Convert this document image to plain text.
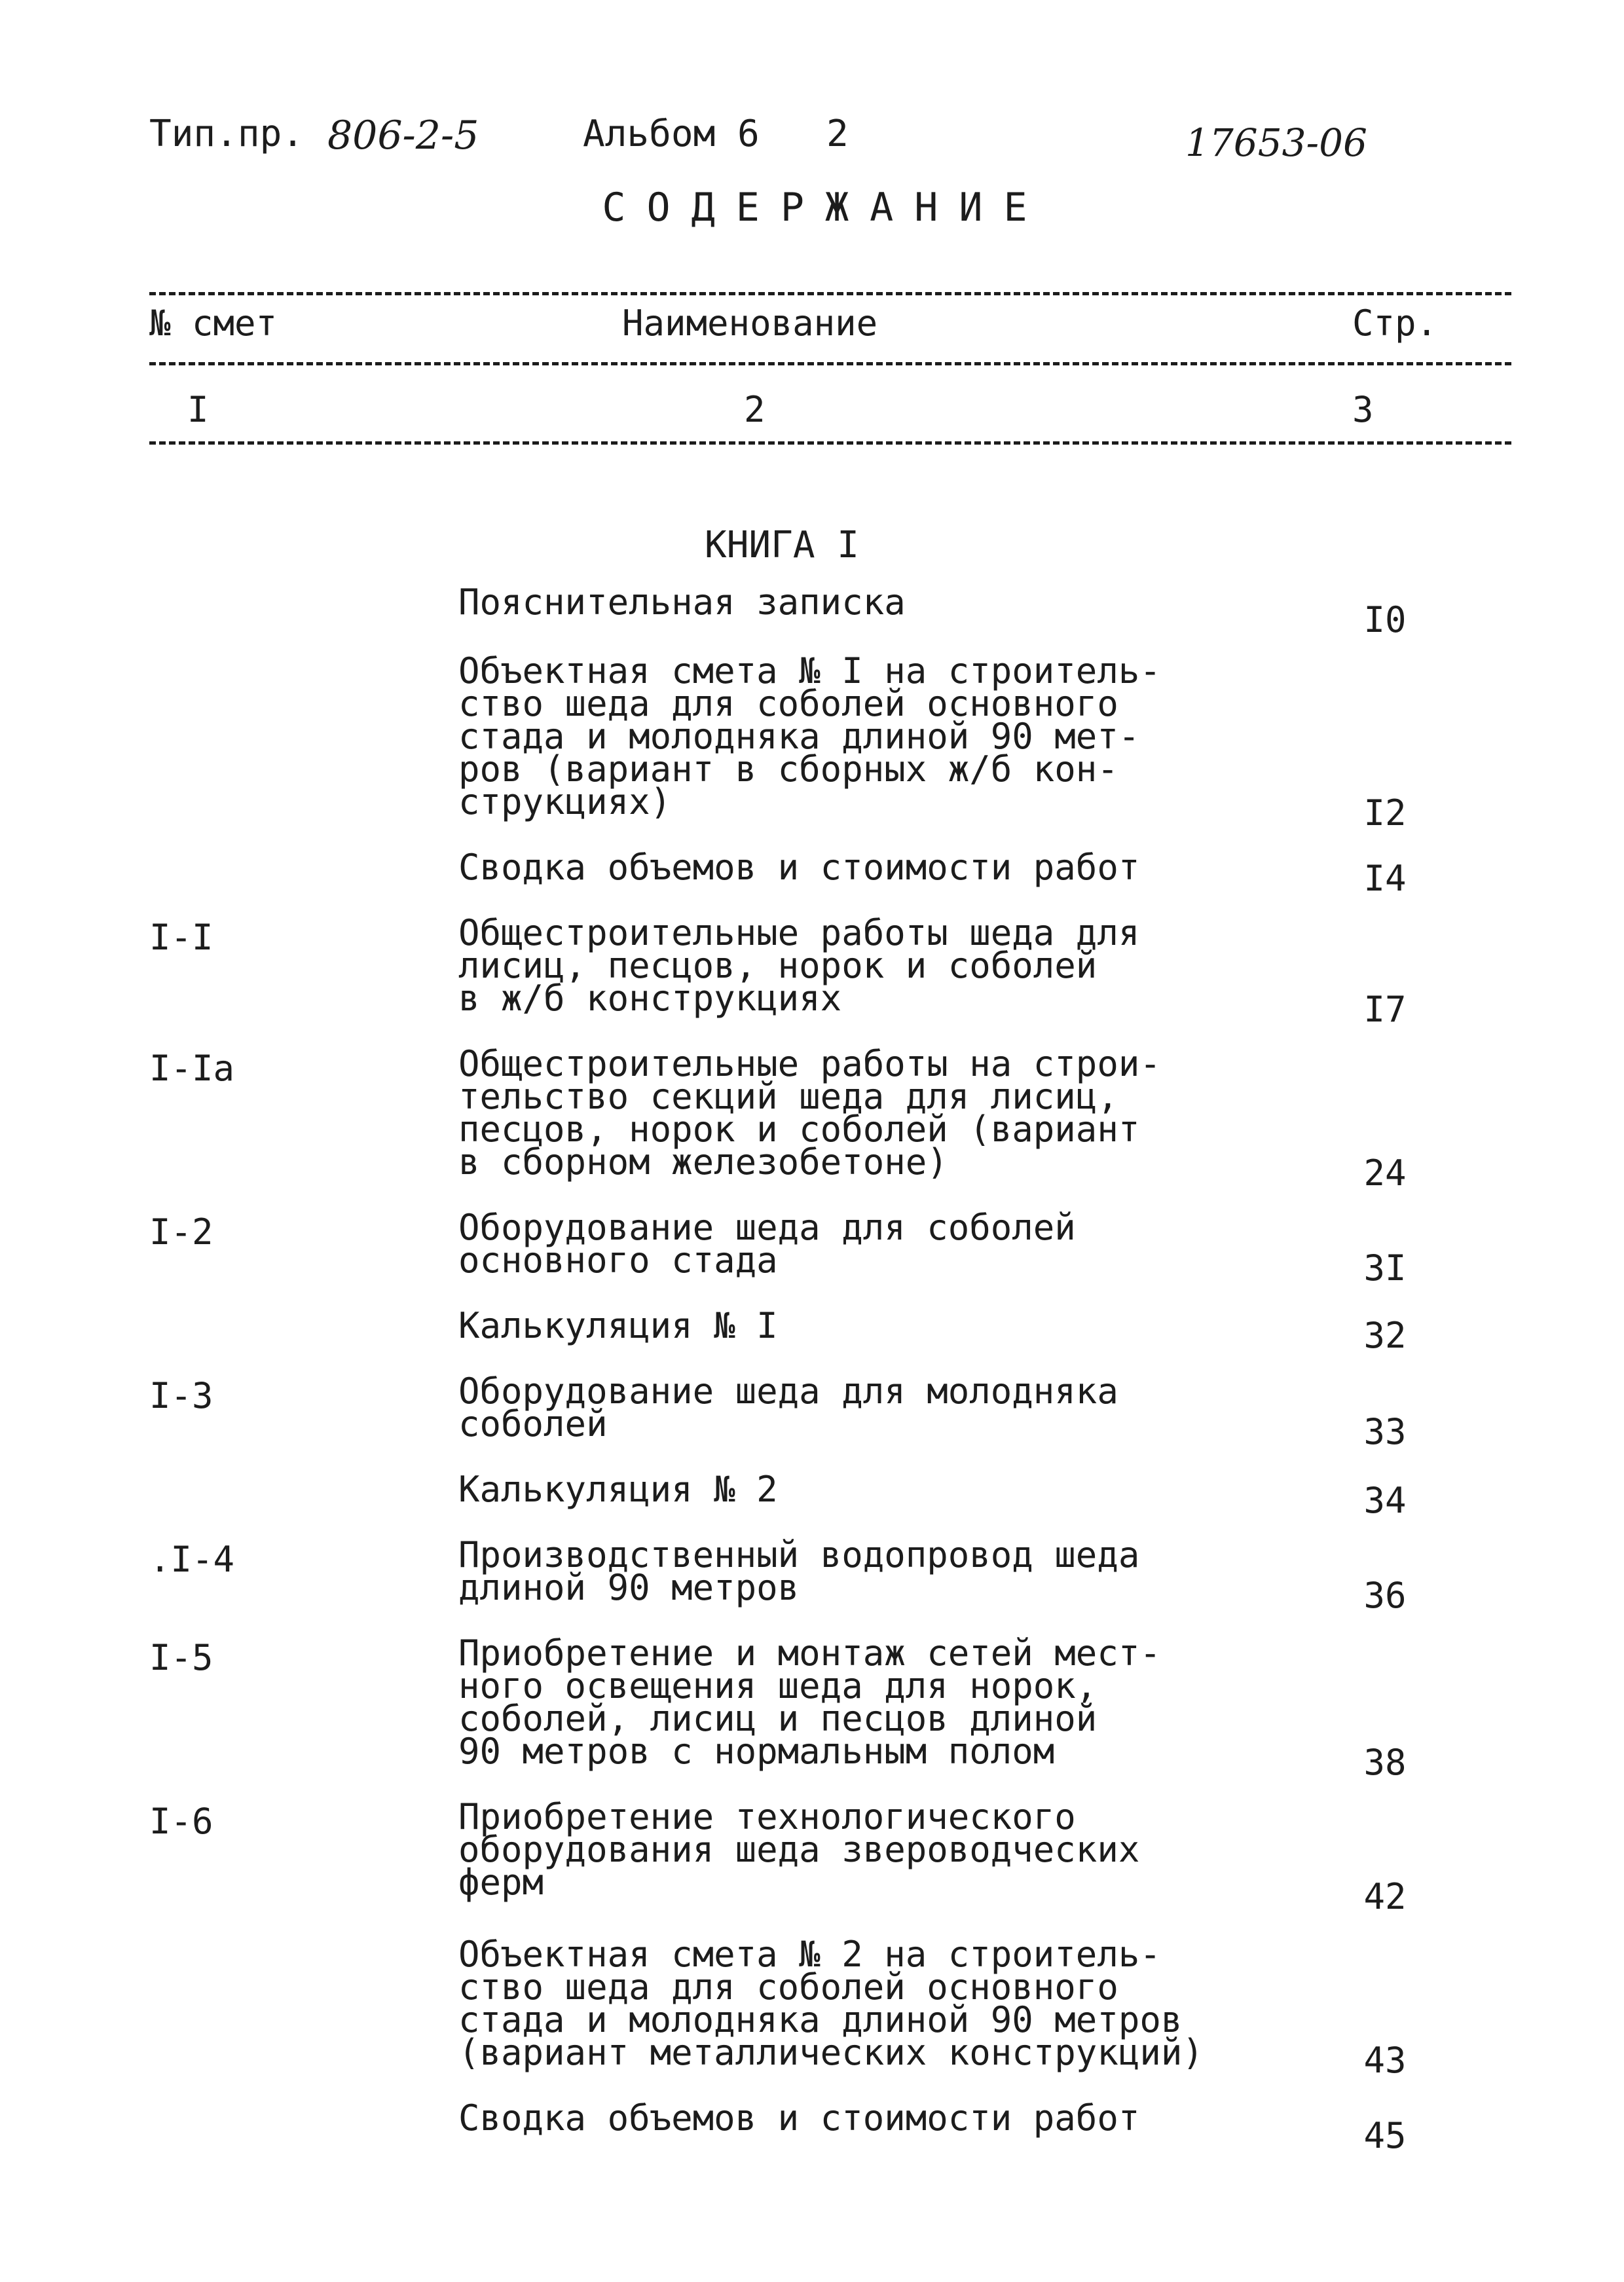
Тип.пр. 806-2-5	Альбом 6 2	17653-06
СОДЕРЖАНИЕ
№ смет	Наименование	Стр.
I	2	3
КНИГА I
Пояснительная записка	I0
Объектная смета № I на строитель-
ство шеда для соболей основного
стада и молодняка длиной 90 мет-
ров (вариант в сборных ж/б кон-
струкциях)	I2
Сводка объемов и стоимости работ	I4
I-I	Общестроительные работы шеда для
лисиц, песцов, норок и соболей
в ж/б конструкциях	I7
I-Iа	Общестроительные работы на строи-
тельство секций шеда для лисиц,
песцов, норок и соболей (вариант
в сборном железобетоне)	24
I-2	Оборудование шеда для соболей
основного стада	3I
Калькуляция № I	32
I-3	Оборудование шеда для молодняка
соболей	33
Калькуляция № 2	34
.I-4	Производственный водопровод шеда
длиной 90 метров	36
I-5	Приобретение и монтаж сетей мест-
ного освещения шеда для норок,
соболей, лисиц и песцов длиной
90 метров с нормальным полом	38
I-6	Приобретение технологического
оборудования шеда звероводческих
ферм	42
Объектная смета № 2 на строитель-
ство шеда для соболей основного
стада и молодняка длиной 90 метров
(вариант металлических конструкций)	43
Сводка объемов и стоимости работ	45
